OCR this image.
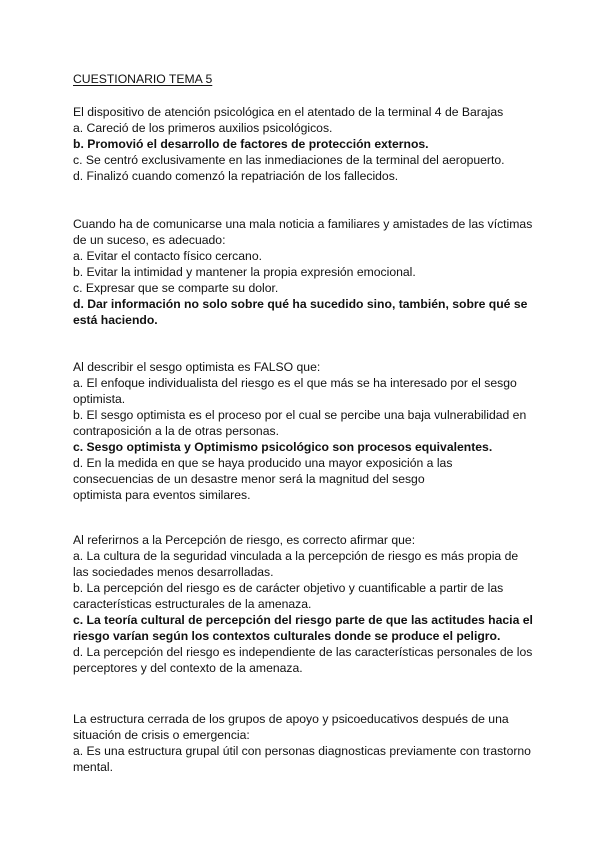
CUESTIONARIO TEMA 5

El dispositivo de atención psicológica en el atentado de la terminal 4 de Barajas

a. Careció de los primeros auxilios psicológicos.

b. Promovió el desarrollo de factores de protección externos.

c. Se centró exclusivamente en las inmediaciones de la terminal del aeropuerto.

d. Finalizó cuando comenzó la repatriación de los fallecidos.

Cuando ha de comunicarse una mala noticia a familiares y amistades de las víctimas de un suceso, es adecuado:

a. Evitar el contacto físico cercano.

b. Evitar la intimidad y mantener la propia expresión emocional.

c. Expresar que se comparte su dolor.

d. Dar información no solo sobre qué ha sucedido sino, también, sobre qué se está haciendo.

Al describir el sesgo optimista es FALSO que:

a. El enfoque individualista del riesgo es el que más se ha interesado por el sesgo optimista.

b. El sesgo optimista es el proceso por el cual se percibe una baja vulnerabilidad en contraposición a la de otras personas.

c. Sesgo optimista y Optimismo psicológico son procesos equivalentes.

d. En la medida en que se haya producido una mayor exposición a las consecuencias de un desastre menor será la magnitud del sesgo optimista para eventos similares.

Al referirnos a la Percepción de riesgo, es correcto afirmar que:

a. La cultura de la seguridad vinculada a la percepción de riesgo es más propia de las sociedades menos desarrolladas.

b. La percepción del riesgo es de carácter objetivo y cuantificable a partir de las características estructurales de la amenaza.

c. La teoría cultural de percepción del riesgo parte de que las actitudes hacia el riesgo varían según los contextos culturales donde se produce el peligro.

d. La percepción del riesgo es independiente de las características personales de los perceptores y del contexto de la amenaza.

La estructura cerrada de los grupos de apoyo y psicoeducativos después de una situación de crisis o emergencia:

a. Es una estructura grupal útil con personas diagnosticas previamente con trastorno mental.
